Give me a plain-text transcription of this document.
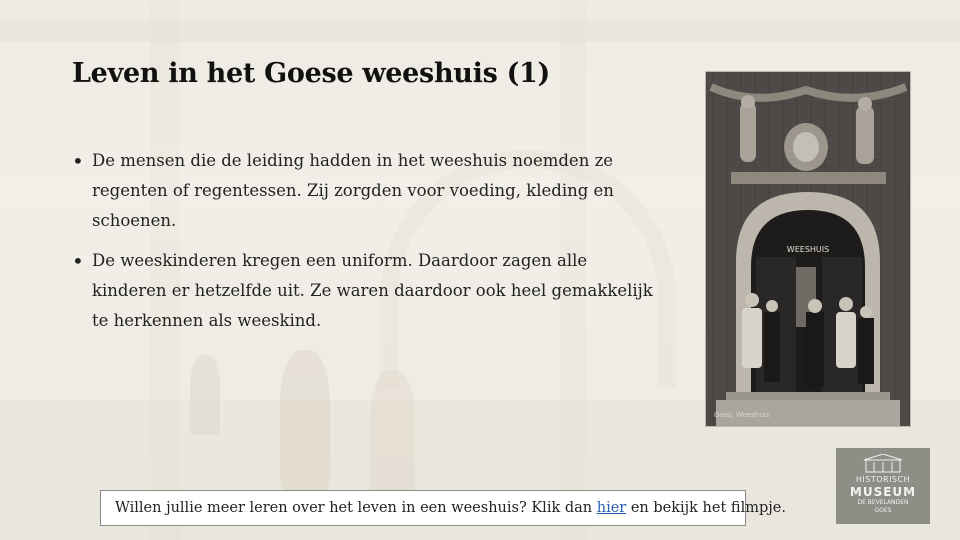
Leven in het Goese weeshuis (1)
• De mensen die de leiding hadden in het weeshuis noemden ze regenten of regentessen. Zij zorgden voor voeding, kleding en schoenen.
• De weeskinderen kregen een uniform. Daardoor zagen alle kinderen er hetzelfde uit. Ze waren daardoor ook heel gemakkelijk te herkennen als weeskind.
WEESHUIS
Goes, Weeshuis
HISTORISCH
MUSEUM
DE BEVELANDEN
GOES
Willen jullie meer leren over het leven in een weeshuis? Klik dan hier en bekijk het filmpje.
